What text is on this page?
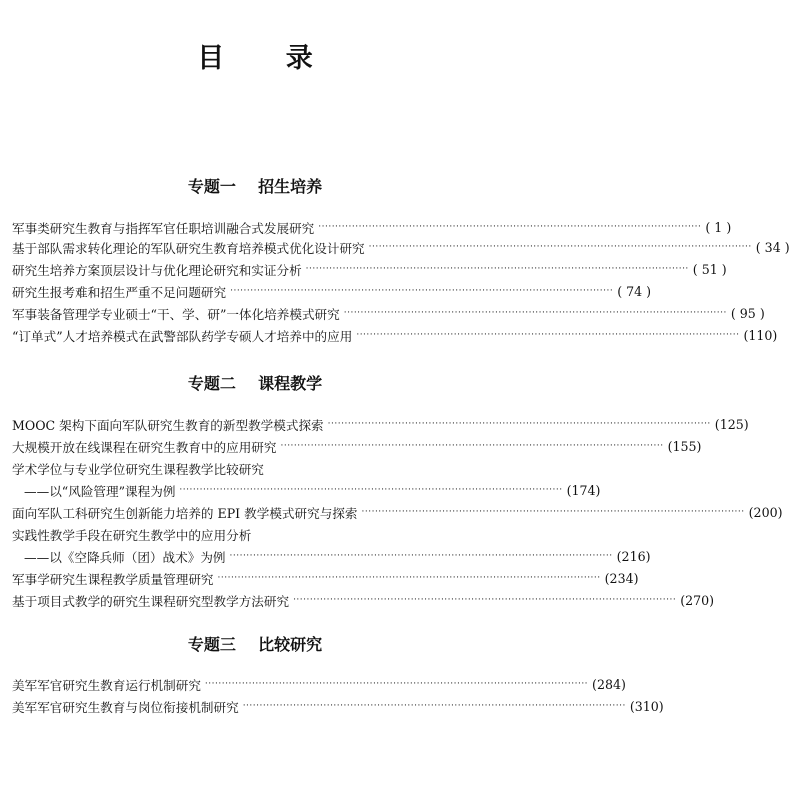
目 录
专题一    招生培养
军事类研究生教育与指挥军官任职培训融合式发展研究 ·················································································································· ( 1 )
基于部队需求转化理论的军队研究生教育培养模式优化设计研究 ·················································································································· ( 34 )
研究生培养方案顶层设计与优化理论研究和实证分析 ·················································································································· ( 51 )
研究生报考难和招生严重不足问题研究 ·················································································································· ( 74 )
军事装备管理学专业硕士“干、学、研”一体化培养模式研究 ·················································································································· ( 95 )
“订单式”人才培养模式在武警部队药学专硕人才培养中的应用 ·················································································································· (110)
专题二    课程教学
MOOC 架构下面向军队研究生教育的新型教学模式探索 ·················································································································· (125)
大规模开放在线课程在研究生教育中的应用研究 ·················································································································· (155)
学术学位与专业学位研究生课程教学比较研究
——以“风险管理”课程为例 ·················································································································· (174)
面向军队工科研究生创新能力培养的 EPI 教学模式研究与探索 ·················································································································· (200)
实践性教学手段在研究生教学中的应用分析
——以《空降兵师（团）战术》为例 ·················································································································· (216)
军事学研究生课程教学质量管理研究 ·················································································································· (234)
基于项目式教学的研究生课程研究型教学方法研究 ·················································································································· (270)
专题三    比较研究
美军军官研究生教育运行机制研究 ·················································································································· (284)
美军军官研究生教育与岗位衔接机制研究 ·················································································································· (310)
